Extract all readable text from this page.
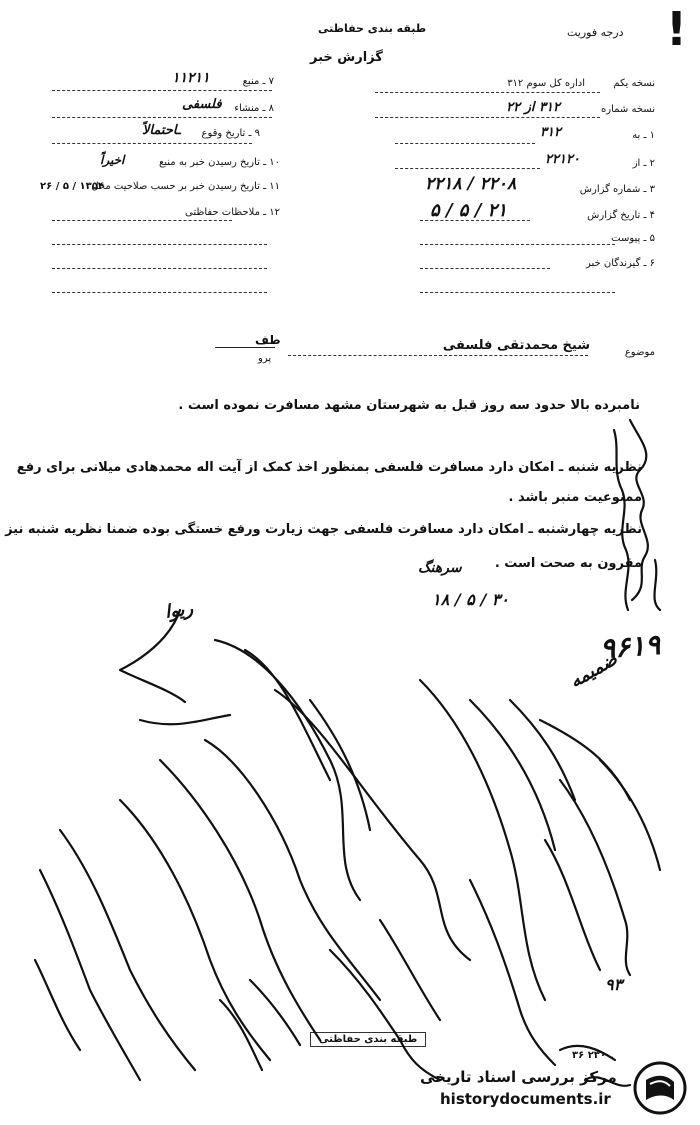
طبقه بندی حفاظتی	درجه فوریت
گزارش خبر
!
۷ ـ منبع
۱۱۲۱۱
۸ ـ منشاء
فلسفی
۹ ـ تاریخ وقوع
ـاحتمالاً
۱۰ ـ تاریخ رسیدن خبر به منبع
اخیراً
۱۱ ـ تاریخ رسیدن خبر بر حسب صلاحیت محل
۲۶ / ۵ / ۱۳۵۴
۱۲ ـ ملاحظات حفاظتی
نسخه یکم
اداره کل سوم ۳۱۲
نسخه شماره
۳۱۲ از ۲۲
۱ ـ به
۳۱۲
۲ ـ از
۲۲۱۲۰
۳ ـ شماره گزارش
۲۲۱۸ / ۲۲۰۸
۴ ـ تاریخ گزارش
۵ / ۵ / ۲۱
۵ ـ پیوست
۶ ـ گیرندگان خبر
موضوع
شیخ محمدتقی فلسفی
طف
پرو
نامبرده بالا حدود سه روز قبل به شهرستان مشهد مسافرت نموده است .
نظریه شنبه ـ امکان دارد مسافرت فلسفی بمنظور اخذ کمک از آیت اله محمدهادی میلانی برای رفع
ممنوعیت منبر باشد .
نظریه چهارشنبه ـ امکان دارد مسافرت فلسفی جهت زیارت ورفع خستگی بوده ضمنا نظریه شنبه نیز
مقرون به صحت است .
سرهنگ
۱۸ / ۵ / ۳۰
۹۶۱۹
ریوا
ضمیمه
۹۳
طبقه بندی حفاظتی
۳۶ ـ ۲۳۰
مرکز بررسی اسناد تاریخی
historydocuments.ir
